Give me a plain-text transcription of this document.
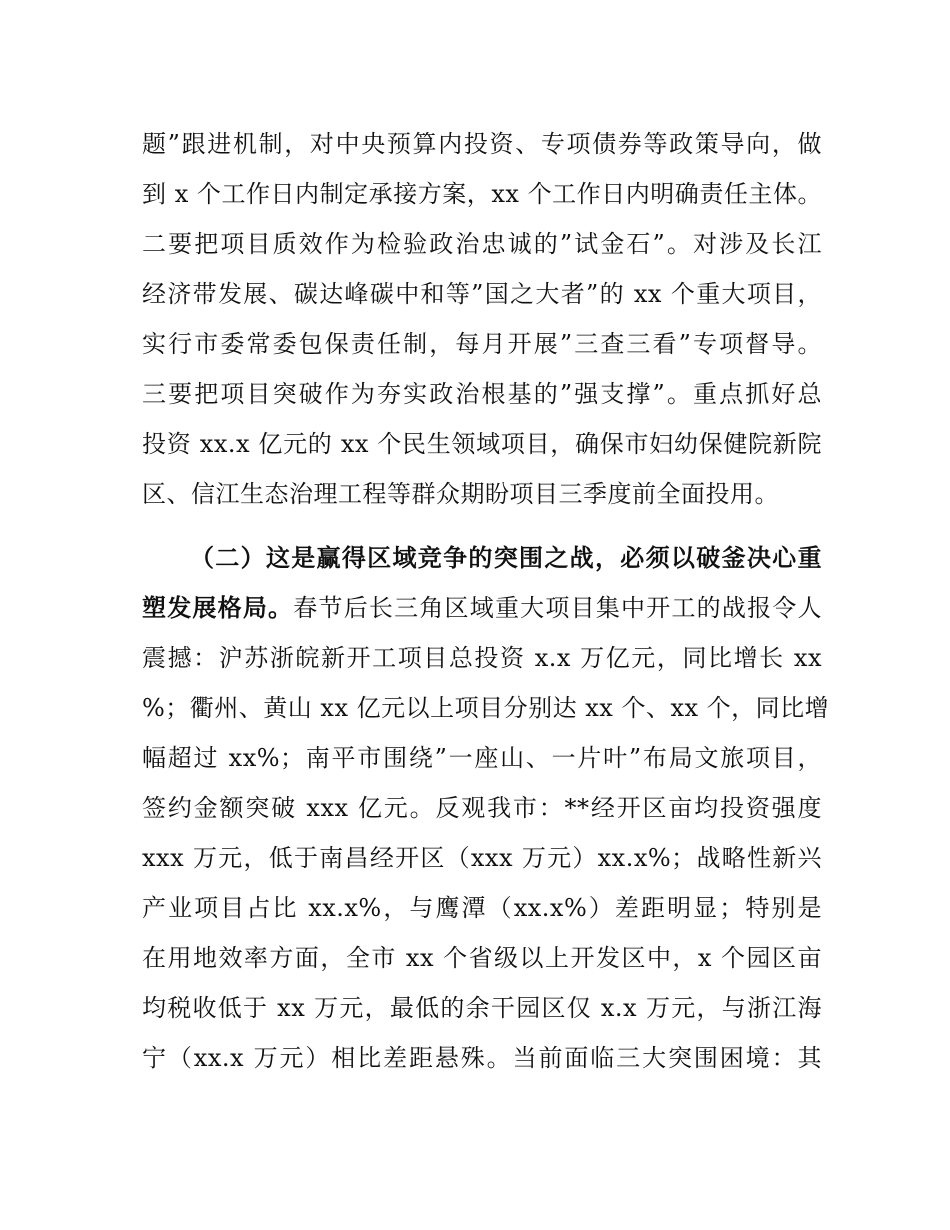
题”跟进机制，对中央预算内投资、专项债券等政策导向，做
到 x 个工作日内制定承接方案，xx 个工作日内明确责任主体。
二要把项目质效作为检验政治忠诚的”试金石”。对涉及长江
经济带发展、碳达峰碳中和等”国之大者”的 xx 个重大项目，
实行市委常委包保责任制，每月开展”三查三看”专项督导。
三要把项目突破作为夯实政治根基的”强支撑”。重点抓好总
投资 xx.x 亿元的 xx 个民生领域项目，确保市妇幼保健院新院
区、信江生态治理工程等群众期盼项目三季度前全面投用。
（二）这是赢得区域竞争的突围之战，必须以破釜决心重
塑发展格局。春节后长三角区域重大项目集中开工的战报令人
震撼：沪苏浙皖新开工项目总投资 x.x 万亿元，同比增长 xx
%；衢州、黄山 xx 亿元以上项目分别达 xx 个、xx 个，同比增
幅超过 xx%；南平市围绕”一座山、一片叶”布局文旅项目，
签约金额突破 xxx 亿元。反观我市：**经开区亩均投资强度
xxx 万元，低于南昌经开区（xxx 万元）xx.x%；战略性新兴
产业项目占比 xx.x%，与鹰潭（xx.x%）差距明显；特别是
在用地效率方面，全市 xx 个省级以上开发区中，x 个园区亩
均税收低于 xx 万元，最低的余干园区仅 x.x 万元，与浙江海
宁（xx.x 万元）相比差距悬殊。当前面临三大突围困境：其
